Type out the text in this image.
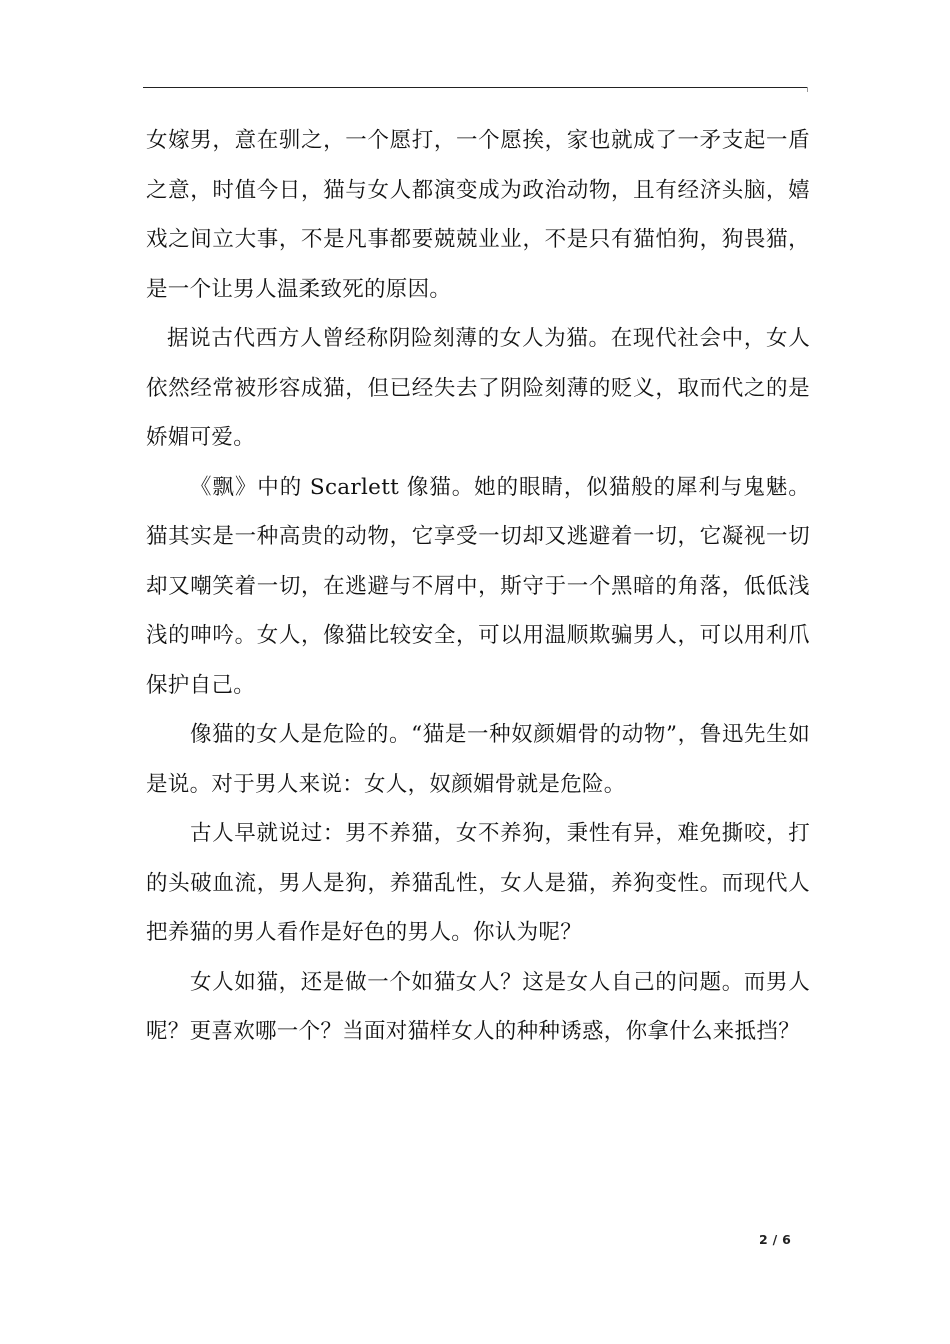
女嫁男，意在驯之，一个愿打，一个愿挨，家也就成了一矛支起一盾之意，时值今日，猫与女人都演变成为政治动物，且有经济头脑，嬉戏之间立大事，不是凡事都要兢兢业业，不是只有猫怕狗，狗畏猫，是一个让男人温柔致死的原因。

据说古代西方人曾经称阴险刻薄的女人为猫。在现代社会中，女人依然经常被形容成猫，但已经失去了阴险刻薄的贬义，取而代之的是娇媚可爱。

《飘》中的 Scarlett 像猫。她的眼睛，似猫般的犀利与鬼魅。猫其实是一种高贵的动物，它享受一切却又逃避着一切，它凝视一切却又嘲笑着一切，在逃避与不屑中，斯守于一个黑暗的角落，低低浅浅的呻吟。女人，像猫比较安全，可以用温顺欺骗男人，可以用利爪保护自己。

像猫的女人是危险的。“猫是一种奴颜媚骨的动物”，鲁迅先生如是说。对于男人来说：女人，奴颜媚骨就是危险。

古人早就说过：男不养猫，女不养狗，秉性有异，难免撕咬，打的头破血流，男人是狗，养猫乱性，女人是猫，养狗变性。而现代人把养猫的男人看作是好色的男人。你认为呢？

女人如猫，还是做一个如猫女人？这是女人自己的问题。而男人呢？更喜欢哪一个？当面对猫样女人的种种诱惑，你拿什么来抵挡？

2 / 6
